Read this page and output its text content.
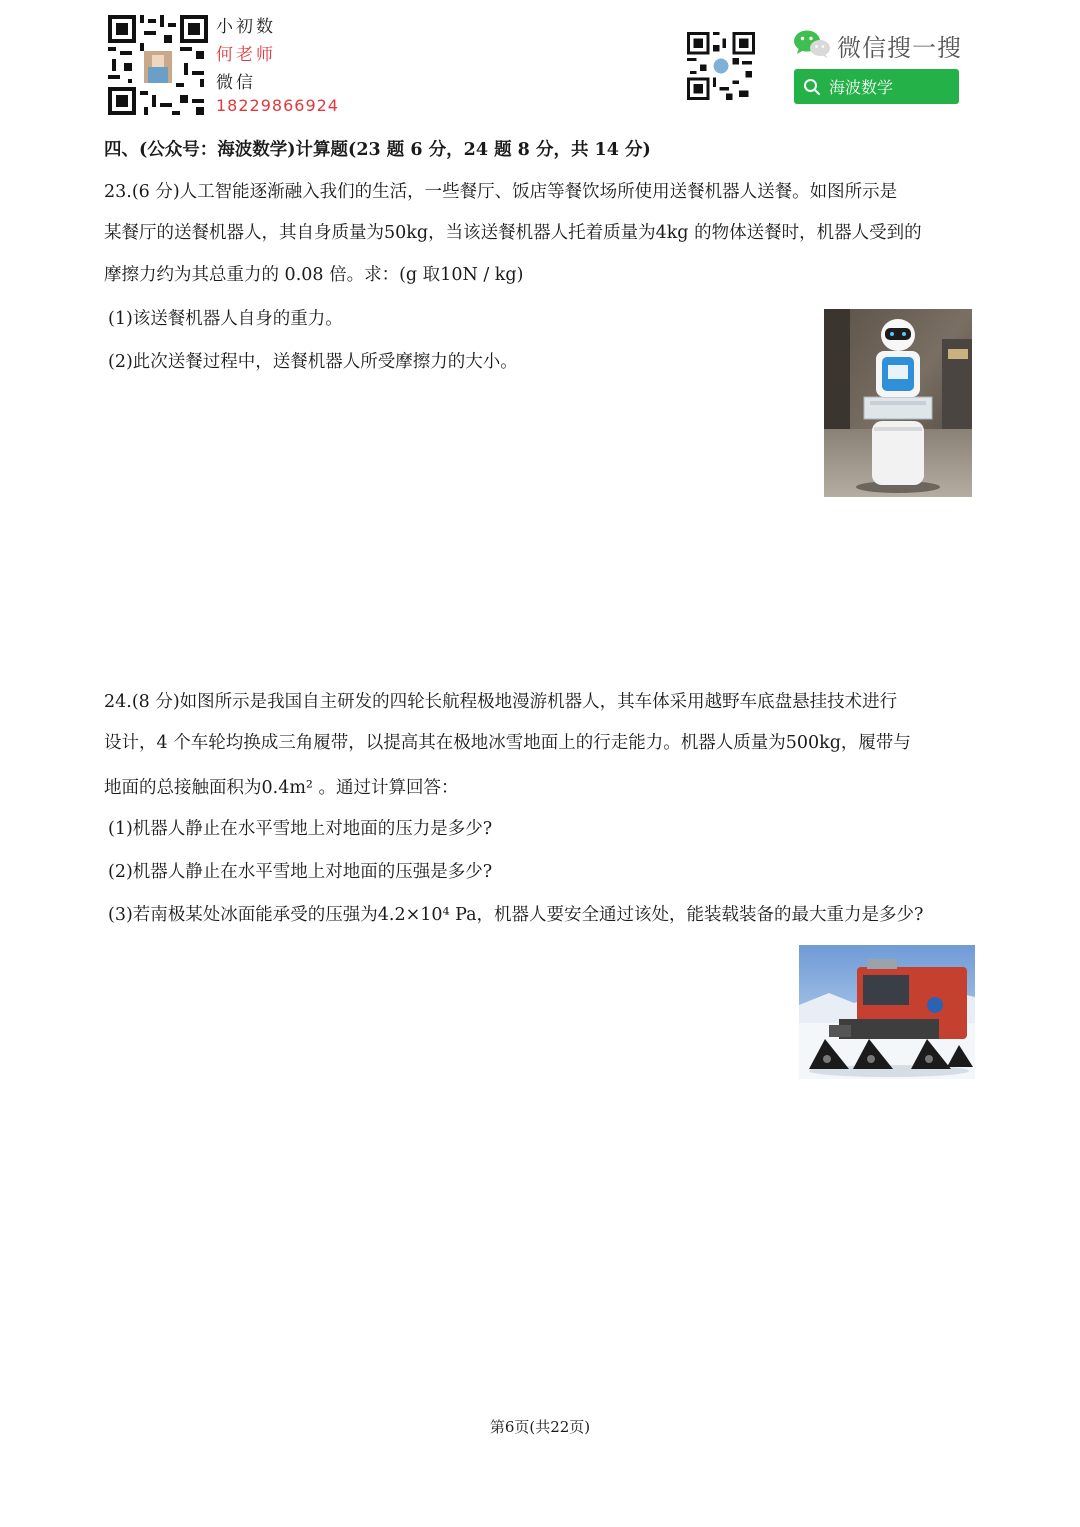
小初数
何老师
微信
18229866924
微信搜一搜
海波数学
四、(公众号：海波数学)计算题(23 题 6 分，24 题 8 分，共 14 分)
23.(6 分)人工智能逐渐融入我们的生活，一些餐厅、饭店等餐饮场所使用送餐机器人送餐。如图所示是
某餐厅的送餐机器人，其自身质量为50kg，当该送餐机器人托着质量为4kg 的物体送餐时，机器人受到的
摩擦力约为其总重力的 0.08 倍。求：(g 取10N / kg)
(1)该送餐机器人自身的重力。
(2)此次送餐过程中，送餐机器人所受摩擦力的大小。
24.(8 分)如图所示是我国自主研发的四轮长航程极地漫游机器人，其车体采用越野车底盘悬挂技术进行
设计，4 个车轮均换成三角履带，以提高其在极地冰雪地面上的行走能力。机器人质量为500kg，履带与
地面的总接触面积为0.4m² 。通过计算回答：
(1)机器人静止在水平雪地上对地面的压力是多少?
(2)机器人静止在水平雪地上对地面的压强是多少?
(3)若南极某处冰面能承受的压强为4.2×10⁴ Pa，机器人要安全通过该处，能装载装备的最大重力是多少?
第6页(共22页)
